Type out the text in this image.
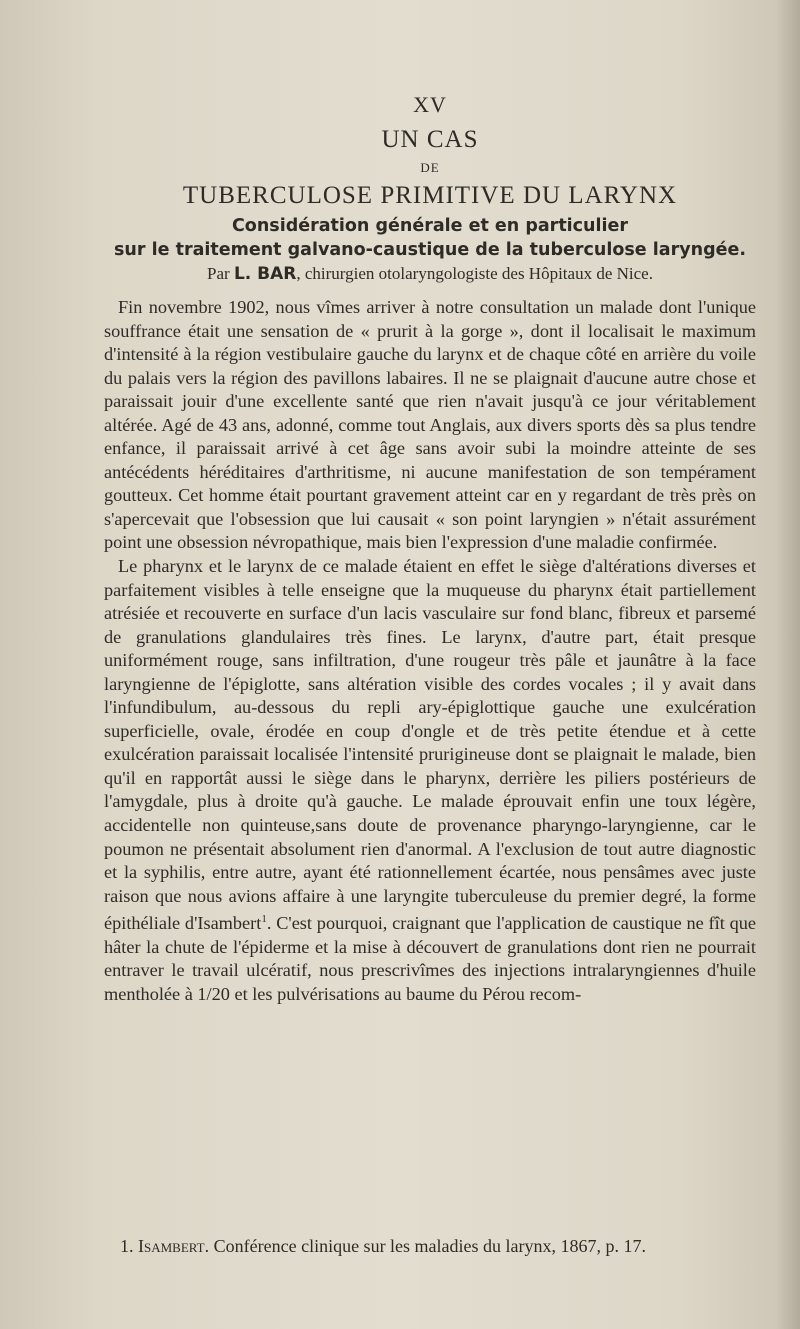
XV
UN CAS
DE
TUBERCULOSE PRIMITIVE DU LARYNX
Considération générale et en particulier
sur le traitement galvano-caustique de la tuberculose laryngée.
Par L. BAR, chirurgien otolaryngologiste des Hôpitaux de Nice.

Fin novembre 1902, nous vîmes arriver à notre consultation un malade dont l'unique souffrance était une sensation de « prurit à la gorge », dont il localisait le maximum d'intensité à la région vestibulaire gauche du larynx et de chaque côté en arrière du voile du palais vers la région des pavillons labaires. Il ne se plaignait d'aucune autre chose et paraissait jouir d'une excellente santé que rien n'avait jusqu'à ce jour véritablement altérée. Agé de 43 ans, adonné, comme tout Anglais, aux divers sports dès sa plus tendre enfance, il paraissait arrivé à cet âge sans avoir subi la moindre atteinte de ses antécédents héréditaires d'arthritisme, ni aucune manifestation de son tempérament goutteux. Cet homme était pourtant gravement atteint car en y regardant de très près on s'apercevait que l'obsession que lui causait « son point laryngien » n'était assurément point une obsession névropathique, mais bien l'expression d'une maladie confirmée.

Le pharynx et le larynx de ce malade étaient en effet le siège d'altérations diverses et parfaitement visibles à telle enseigne que la muqueuse du pharynx était partiellement atrésiée et recouverte en surface d'un lacis vasculaire sur fond blanc, fibreux et parsemé de granulations glandulaires très fines. Le larynx, d'autre part, était presque uniformément rouge, sans infiltration, d'une rougeur très pâle et jaunâtre à la face laryngienne de l'épiglotte, sans altération visible des cordes vocales ; il y avait dans l'infundibulum, au-dessous du repli ary-épiglottique gauche une exulcération superficielle, ovale, érodée en coup d'ongle et de très petite étendue et à cette exulcération paraissait localisée l'intensité prurigineuse dont se plaignait le malade, bien qu'il en rapportât aussi le siège dans le pharynx, derrière les piliers postérieurs de l'amygdale, plus à droite qu'à gauche. Le malade éprouvait enfin une toux légère, accidentelle non quinteuse,sans doute de provenance pharyngo-laryngienne, car le poumon ne présentait absolument rien d'anormal. A l'exclusion de tout autre diagnostic et la syphilis, entre autre, ayant été rationnellement écartée, nous pensâmes avec juste raison que nous avions affaire à une laryngite tuberculeuse du premier degré, la forme épithéliale d'Isambert$^1$. C'est pourquoi, craignant que l'application de caustique ne fît que hâter la chute de l'épiderme et la mise à découvert de granulations dont rien ne pourrait entraver le travail ulcératif, nous prescrivîmes des injections intralaryngiennes d'huile mentholée à 1/20 et les pulvérisations au baume du Pérou recom-

1. Isambert. Conférence clinique sur les maladies du larynx, 1867, p. 17.
